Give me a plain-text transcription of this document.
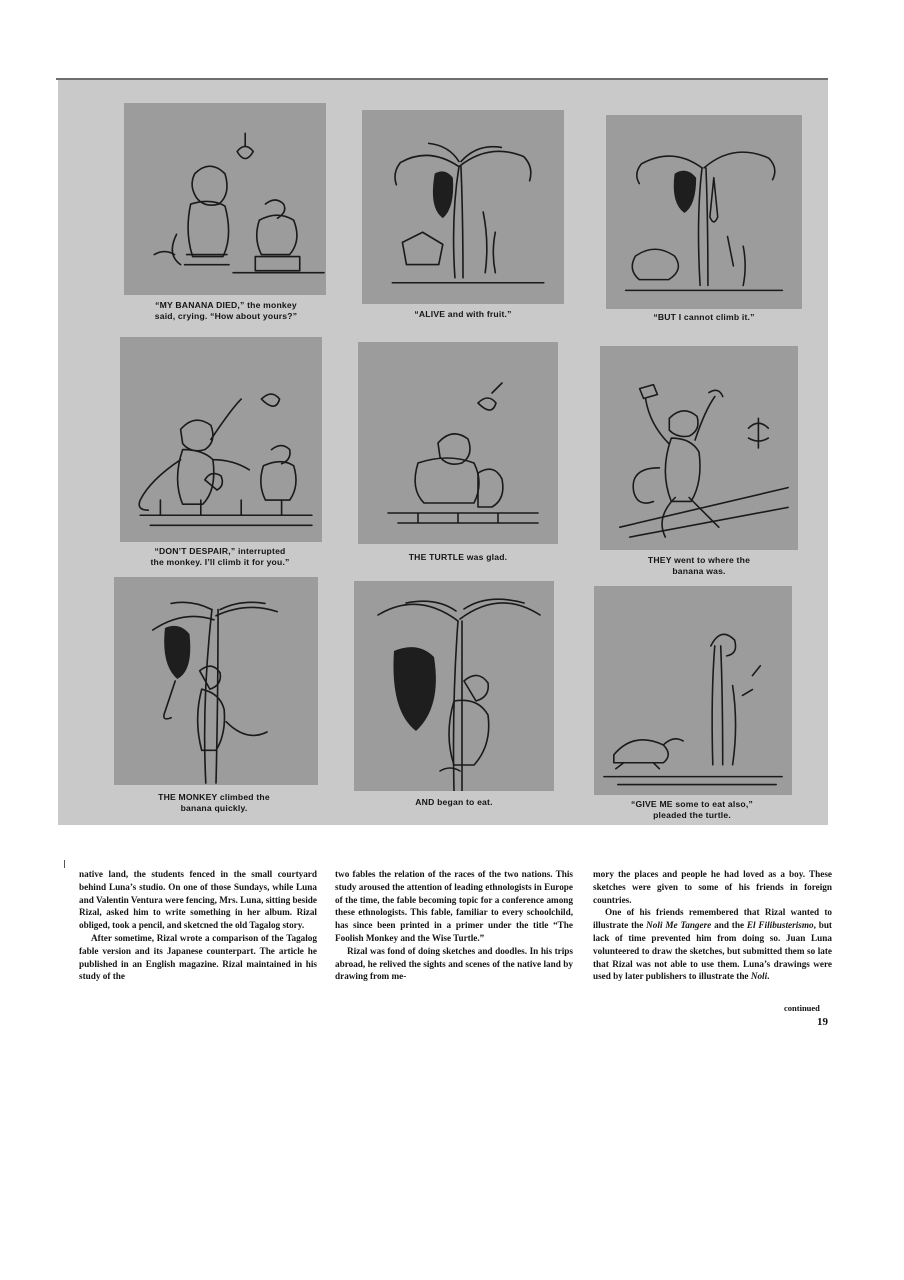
“MY BANANA DIED,” the monkey
said, crying. “How about yours?”	“ALIVE and with fruit.”	“BUT I cannot climb it.”
“DON’T DESPAIR,” interrupted
the monkey. I’ll climb it for you.”	THE TURTLE was glad.	THEY went to where the
banana was.
THE MONKEY climbed the
banana quickly.
AND began to eat.	“GIVE ME some to eat also,”
pleaded the turtle.

native land, the students fenced in the small courtyard behind Luna’s studio. On one of those Sundays, while Luna and Valentin Ventura were fencing, Mrs. Luna, sitting beside Rizal, asked him to write something in her album. Rizal obliged, took a pencil, and sketcned the old Tagalog story.

After sometime, Rizal wrote a comparison of the Tagalog fable version and its Japanese counterpart. The article he published in an English magazine. Rizal maintained in his study of the

two fables the relation of the races of the two nations. This study aroused the attention of leading ethnologists in Europe of the time, the fable becoming topic for a conference among these ethnologists. This fable, familiar to every schoolchild, has since been printed in a primer under the title “The Foolish Monkey and the Wise Turtle.”

Rizal was fond of doing sketches and doodles. In his trips abroad, he relived the sights and scenes of the native land by drawing from me-

mory the places and people he had loved as a boy. These sketches were given to some of his friends in foreign countries.

One of his friends remembered that Rizal wanted to illustrate the Noli Me Tangere and the El Filibusterismo, but lack of time prevented him from doing so. Juan Luna volunteered to draw the sketches, but submitted them so late that Rizal was not able to use them. Luna’s drawings were used by later publishers to illustrate the Noli.

continued
19
